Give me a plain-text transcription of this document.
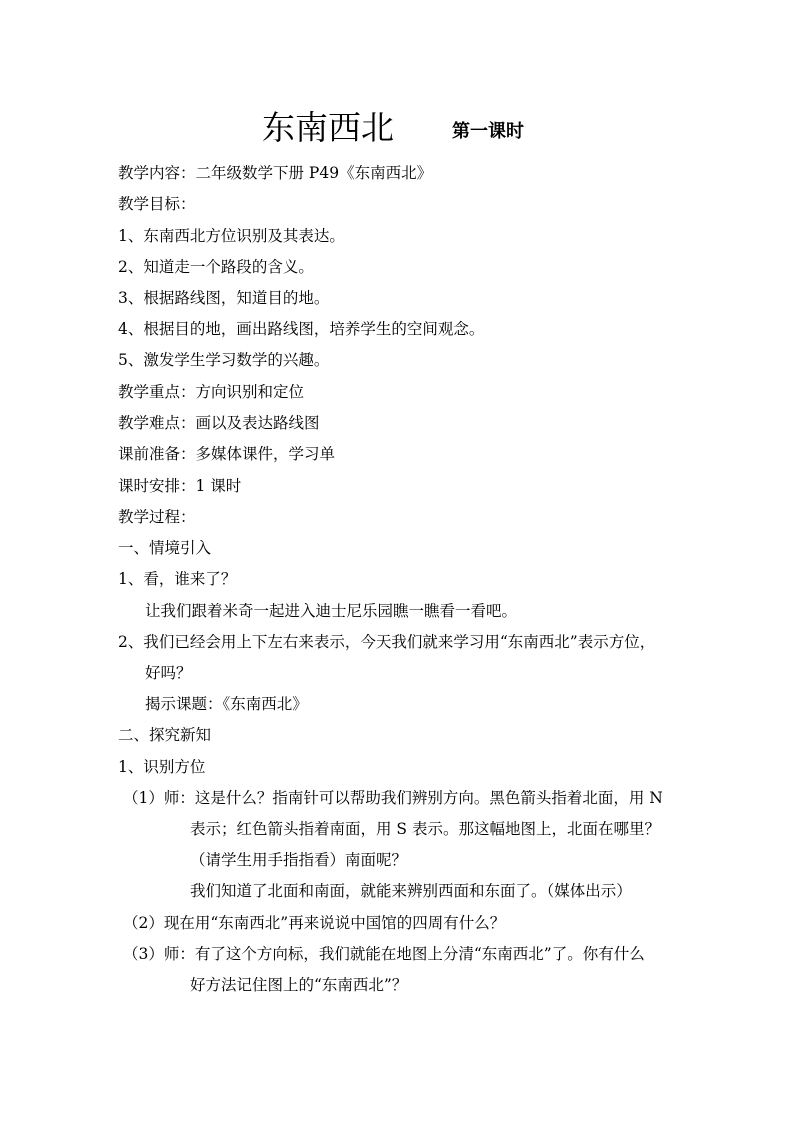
东南西北	第一课时
教学内容：二年级数学下册 P49《东南西北》
教学目标：
1、东南西北方位识别及其表达。
2、知道走一个路段的含义。
3、根据路线图，知道目的地。
4、根据目的地，画出路线图，培养学生的空间观念。
5、激发学生学习数学的兴趣。
教学重点：方向识别和定位
教学难点：画以及表达路线图
课前准备：多媒体课件，学习单
课时安排：1 课时
教学过程：
一、情境引入
1、看，谁来了？
让我们跟着米奇一起进入迪士尼乐园瞧一瞧看一看吧。
2、我们已经会用上下左右来表示，今天我们就来学习用“东南西北”表示方位，
好吗？
揭示课题：《东南西北》
二、探究新知
1、识别方位
（1）师：这是什么？指南针可以帮助我们辨别方向。黑色箭头指着北面，用 N
表示；红色箭头指着南面，用 S 表示。那这幅地图上，北面在哪里？
（请学生用手指指看）南面呢？
我们知道了北面和南面，就能来辨别西面和东面了。（媒体出示）
（2）现在用“东南西北”再来说说中国馆的四周有什么？
（3）师：有了这个方向标，我们就能在地图上分清“东南西北”了。你有什么
好方法记住图上的“东南西北”？
